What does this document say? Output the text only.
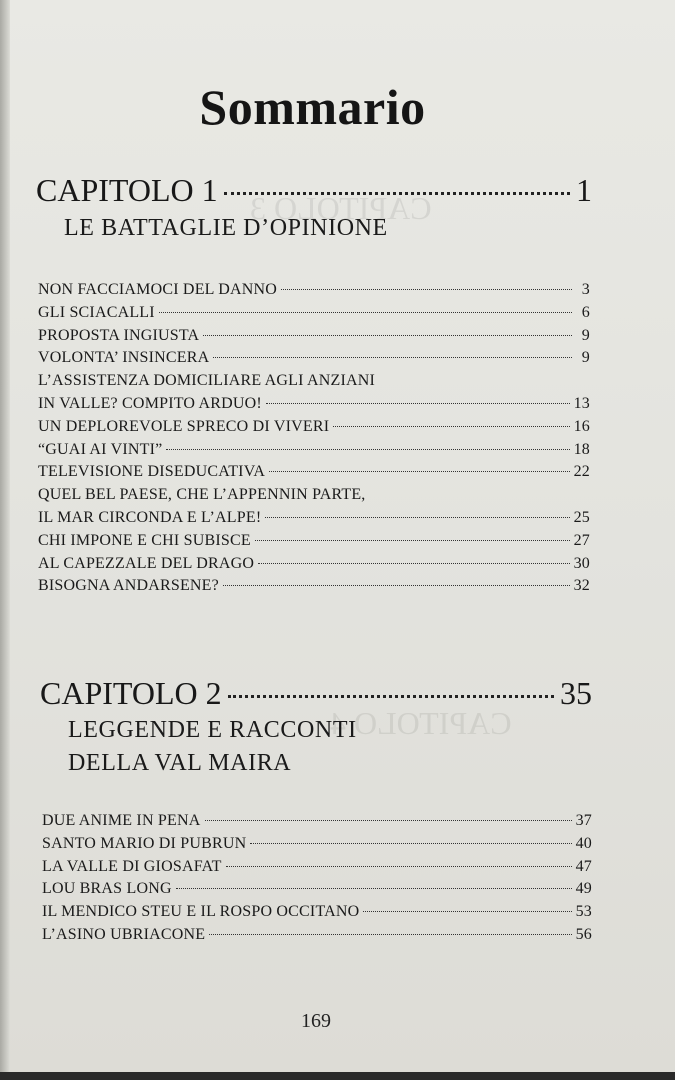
CAPITOLO 3
CAPITOLO 4
Sommario
CAPITOLO 1	1
LE BATTAGLIE D’OPINIONE
NON FACCIAMOCI DEL DANNO	3
GLI SCIACALLI	6
PROPOSTA INGIUSTA	9
VOLONTA’ INSINCERA	9
L’ASSISTENZA DOMICILIARE AGLI ANZIANI
IN VALLE? COMPITO ARDUO!	13
UN DEPLOREVOLE SPRECO DI VIVERI	16
“GUAI AI VINTI”	18
TELEVISIONE DISEDUCATIVA	22
QUEL BEL PAESE, CHE L’APPENNIN PARTE,
IL MAR CIRCONDA E L’ALPE!	25
CHI IMPONE E CHI SUBISCE	27
AL CAPEZZALE DEL DRAGO	30
BISOGNA ANDARSENE?	32
CAPITOLO 2	35
LEGGENDE E RACCONTI
DELLA VAL MAIRA
DUE ANIME IN PENA	37
SANTO MARIO DI PUBRUN	40
LA VALLE DI GIOSAFAT	47
LOU BRAS LONG	49
IL MENDICO STEU E IL ROSPO OCCITANO	53
L’ASINO UBRIACONE	56
169
